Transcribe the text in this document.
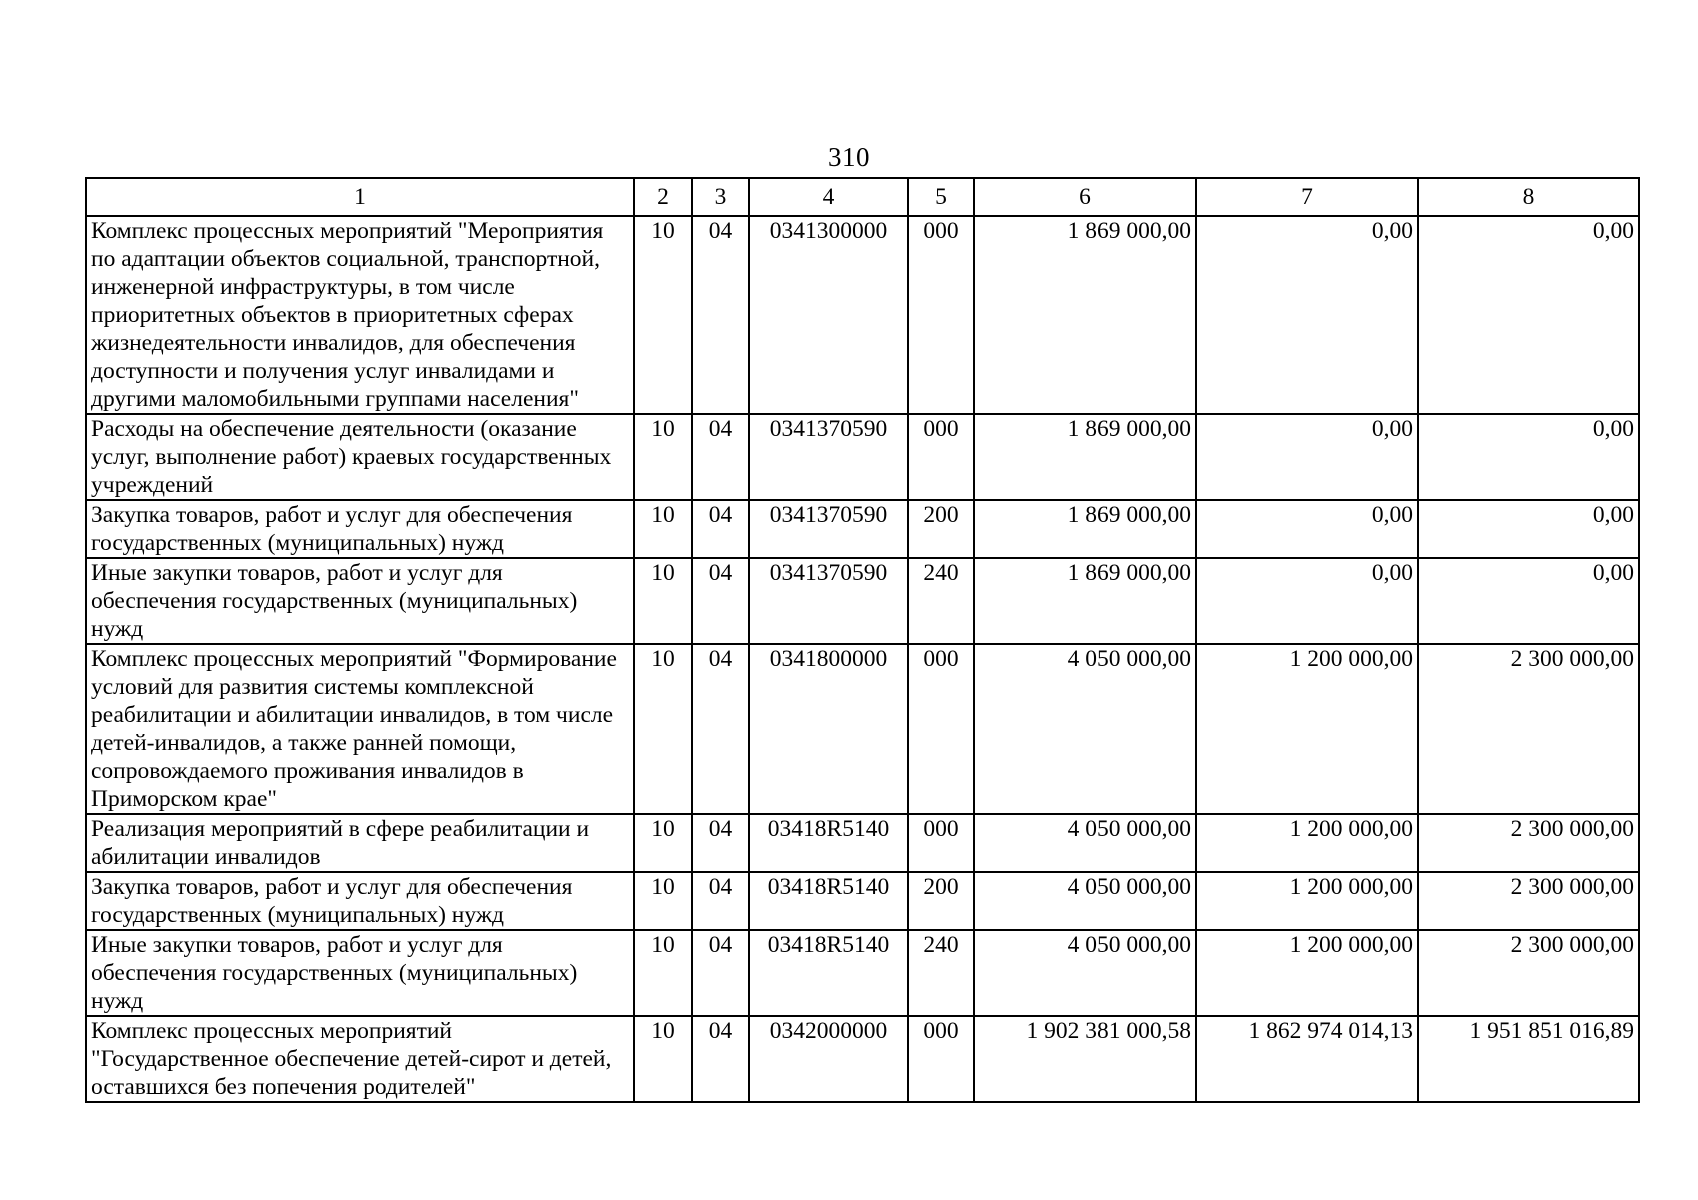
310
1	2	3	4	5	6	7	8
Комплекс процессных мероприятий "Мероприятия по адаптации объектов социальной, транспортной, инженерной инфраструктуры, в том числе приоритетных объектов в приоритетных сферах жизнедеятельности инвалидов, для обеспечения доступности и получения услуг инвалидами и другими маломобильными группами населения"	10	04	0341300000	000	1 869 000,00	0,00	0,00
Расходы на обеспечение деятельности (оказание услуг, выполнение работ) краевых государственных учреждений	10	04	0341370590	000	1 869 000,00	0,00	0,00
Закупка товаров, работ и услуг для обеспечения государственных (муниципальных) нужд	10	04	0341370590	200	1 869 000,00	0,00	0,00
Иные закупки товаров, работ и услуг для обеспечения государственных (муниципальных) нужд	10	04	0341370590	240	1 869 000,00	0,00	0,00
Комплекс процессных мероприятий "Формирование условий для развития системы комплексной реабилитации и абилитации инвалидов, в том числе детей-инвалидов, а также ранней помощи, сопровождаемого проживания инвалидов в Приморском крае"	10	04	0341800000	000	4 050 000,00	1 200 000,00	2 300 000,00
Реализация мероприятий в сфере реабилитации и абилитации инвалидов	10	04	03418R5140	000	4 050 000,00	1 200 000,00	2 300 000,00
Закупка товаров, работ и услуг для обеспечения государственных (муниципальных) нужд	10	04	03418R5140	200	4 050 000,00	1 200 000,00	2 300 000,00
Иные закупки товаров, работ и услуг для обеспечения государственных (муниципальных) нужд	10	04	03418R5140	240	4 050 000,00	1 200 000,00	2 300 000,00
Комплекс процессных мероприятий "Государственное обеспечение детей-сирот и детей, оставшихся без попечения родителей"	10	04	0342000000	000	1 902 381 000,58	1 862 974 014,13	1 951 851 016,89
